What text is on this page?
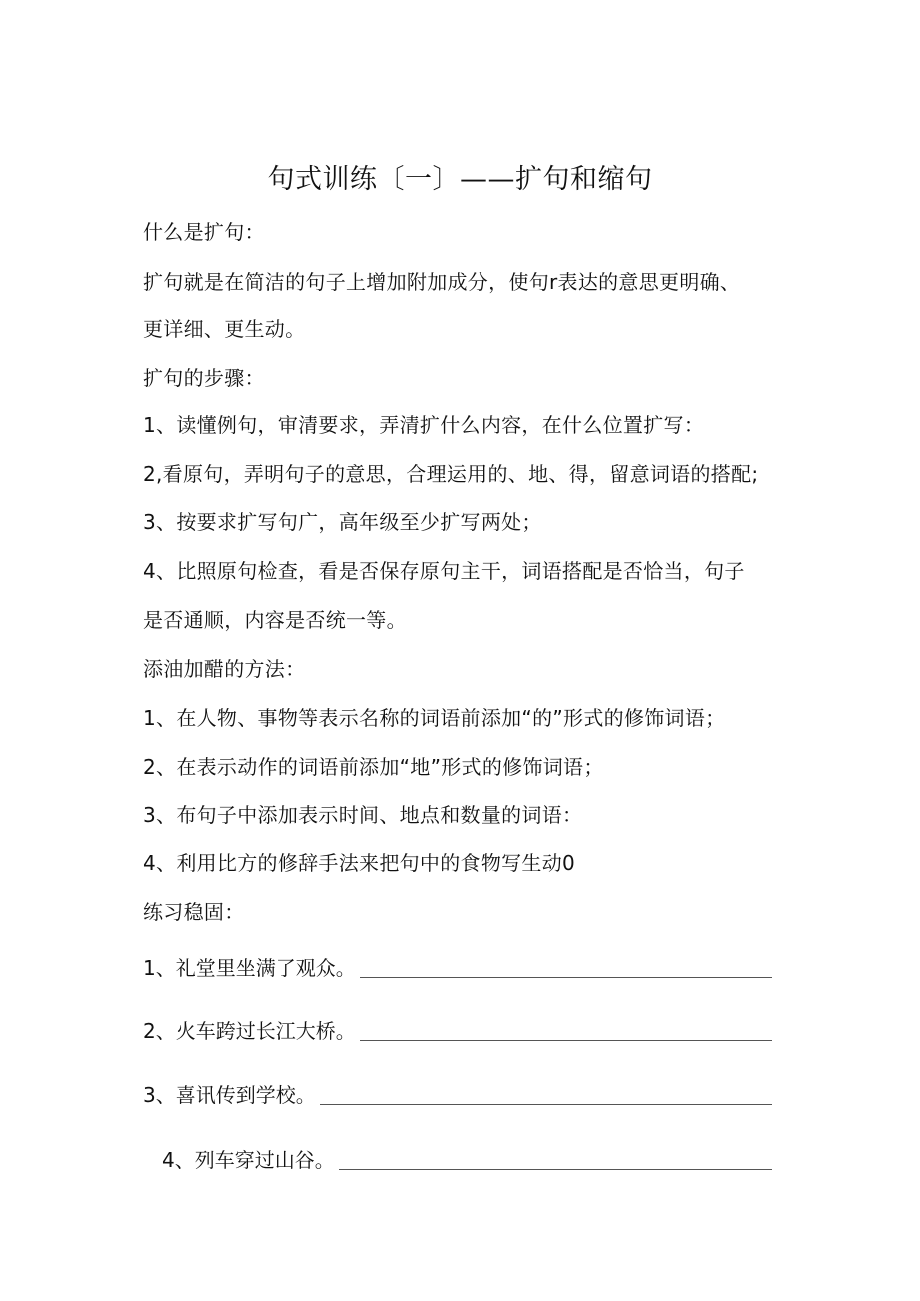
句式训练〔一〕——扩句和缩句
什么是扩句：
扩句就是在简洁的句子上增加附加成分，使句r表达的意思更明确、
更详细、更生动。
扩句的步骤：
1、读懂例句，审清要求，弄清扩什么内容，在什么位置扩写：
2,看原句，弄明句子的意思，合理运用的、地、得，留意词语的搭配;
3、按要求扩写句广，高年级至少扩写两处；
4、比照原句检查，看是否保存原句主干，词语搭配是否恰当，句子
是否通顺，内容是否统一等。
添油加醋的方法：
1、在人物、事物等表示名称的词语前添加“的”形式的修饰词语；
2、在表示动作的词语前添加“地”形式的修饰词语；
3、布句子中添加表示时间、地点和数量的词语：
4、利用比方的修辞手法来把句中的食物写生动0
练习稳固：
1、礼堂里坐满了观众。
2、火车跨过长江大桥。
3、喜讯传到学校。
4、列车穿过山谷。
